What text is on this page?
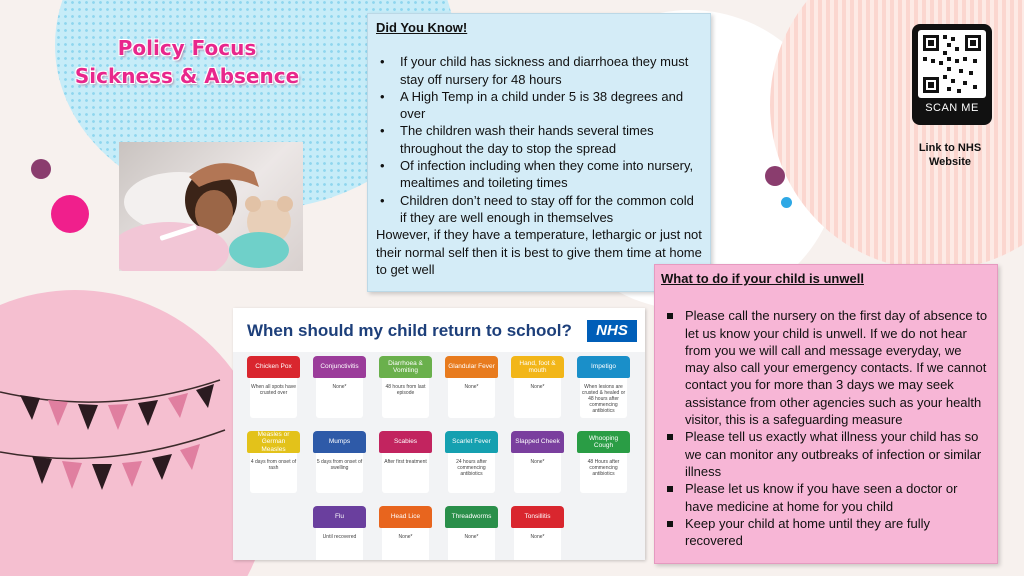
Policy Focus
Sickness & Absence
Did You Know!
• If your child has sickness and diarrhoea they must stay off nursery for 48 hours
• A High Temp in a child under 5 is 38 degrees and over
• The children wash their hands several times throughout the day to stop the spread
• Of infection including when they come into nursery, mealtimes and toileting times
• Children don’t need to stay off for the common cold if they are well enough in themselves
However, if they have a temperature, lethargic or just not their normal self then it is best to give them time at home to get well
SCAN ME
Link to NHS
Website
When should my child return to school?	NHS
Chicken Pox
When all spots have crusted over
Conjunctivitis
None*
Diarrhoea & Vomiting
48 hours from last episode
Glandular Fever
None*
Hand, foot & mouth
None*
Impetigo
When lesions are crusted & healed or 48 hours after commencing antibiotics
Measles or German Measles
4 days from onset of rash
Mumps
5 days from onset of swelling
Scabies
After first treatment
Scarlet Fever
24 hours after commencing antibiotics
Slapped Cheek
None*
Whooping Cough
48 Hours after commencing antibiotics
Flu
Until recovered
Head Lice
None*
Threadworms
None*
Tonsillitis
None*
What to do if your child is unwell
Please call the nursery on the first day of absence to let us know your child is unwell. If we do not hear from you we will call and message everyday, we may also call your emergency contacts. If we cannot contact you for more than 3 days we may seek assistance from other agencies such as your health visitor, this is a safeguarding measure
Please tell us exactly what illness your child has so we can monitor any outbreaks of infection or similar illness
Please let us know if you have seen a doctor or have medicine at home for you child
Keep your child at home until they are fully recovered
